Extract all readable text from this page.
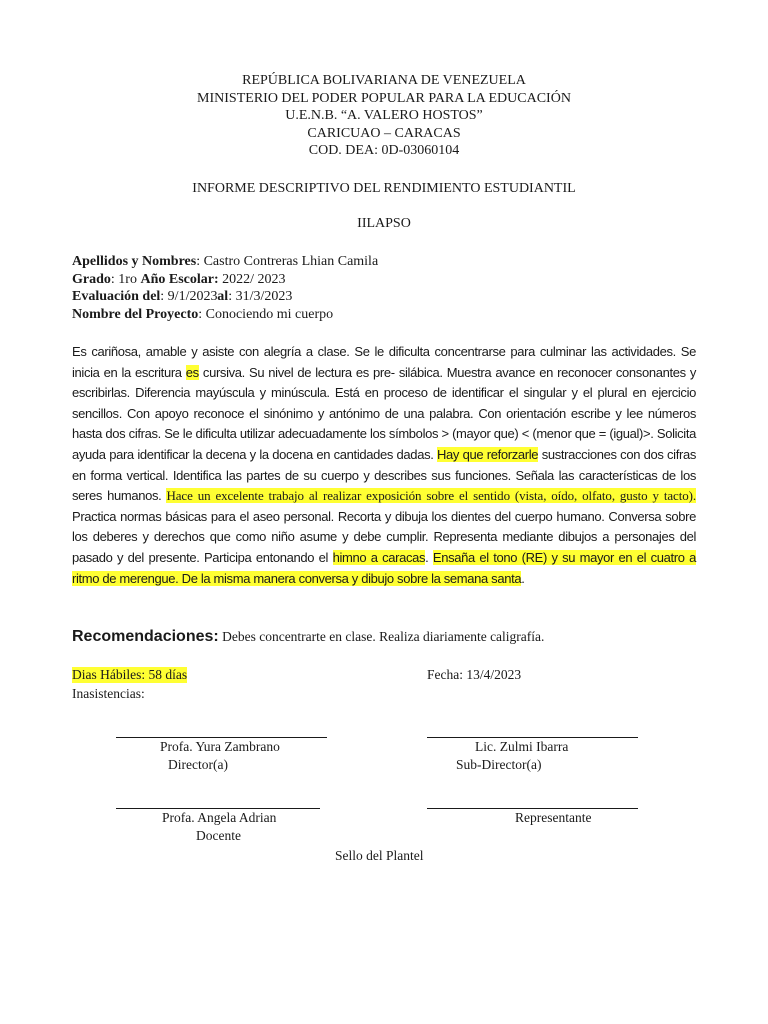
REPÚBLICA BOLIVARIANA DE VENEZUELA
MINISTERIO DEL PODER POPULAR PARA LA EDUCACIÓN
U.E.N.B. “A. VALERO HOSTOS”
CARICUAO – CARACAS
COD. DEA: 0D-03060104
INFORME DESCRIPTIVO DEL RENDIMIENTO ESTUDIANTIL
IILAPSO
Apellidos y Nombres: Castro Contreras Lhian Camila
Grado: 1ro Año Escolar: 2022/ 2023
Evaluación del: 9/1/2023al: 31/3/2023
Nombre del Proyecto: Conociendo mi cuerpo
Es cariñosa, amable y asiste con alegría a clase. Se le dificulta concentrarse para culminar las actividades. Se inicia en la escritura es cursiva. Su nivel de lectura es pre- silábica. Muestra avance en reconocer consonantes y escribirlas. Diferencia mayúscula y minúscula. Está en proceso de identificar el singular y el plural en ejercicio sencillos. Con apoyo reconoce el sinónimo y antónimo de una palabra. Con orientación escribe y lee números hasta dos cifras. Se le dificulta utilizar adecuadamente los símbolos > (mayor que) < (menor que = (igual)>. Solicita ayuda para identificar la decena y la docena en cantidades dadas. Hay que reforzarle sustracciones con dos cifras en forma vertical. Identifica las partes de su cuerpo y describes sus funciones. Señala las características de los seres humanos. Hace un excelente trabajo al realizar exposición sobre el sentido (vista, oído, olfato, gusto y tacto). Practica normas básicas para el aseo personal. Recorta y dibuja los dientes del cuerpo humano. Conversa sobre los deberes y derechos que como niño asume y debe cumplir. Representa mediante dibujos a personajes del pasado y del presente. Participa entonando el himno a caracas. Ensaña el tono (RE) y su mayor en el cuatro a ritmo de merengue. De la misma manera conversa y dibujo sobre la semana santa.
Recomendaciones: Debes concentrarte en clase. Realiza diariamente caligrafía.
Dias Hábiles: 58 días	Fecha: 13/4/2023
Inasistencias:
Profa. Yura Zambrano
Director(a)
Lic. Zulmi Ibarra
Sub-Director(a)
Profa. Angela Adrian
Docente
Representante
Sello del Plantel
